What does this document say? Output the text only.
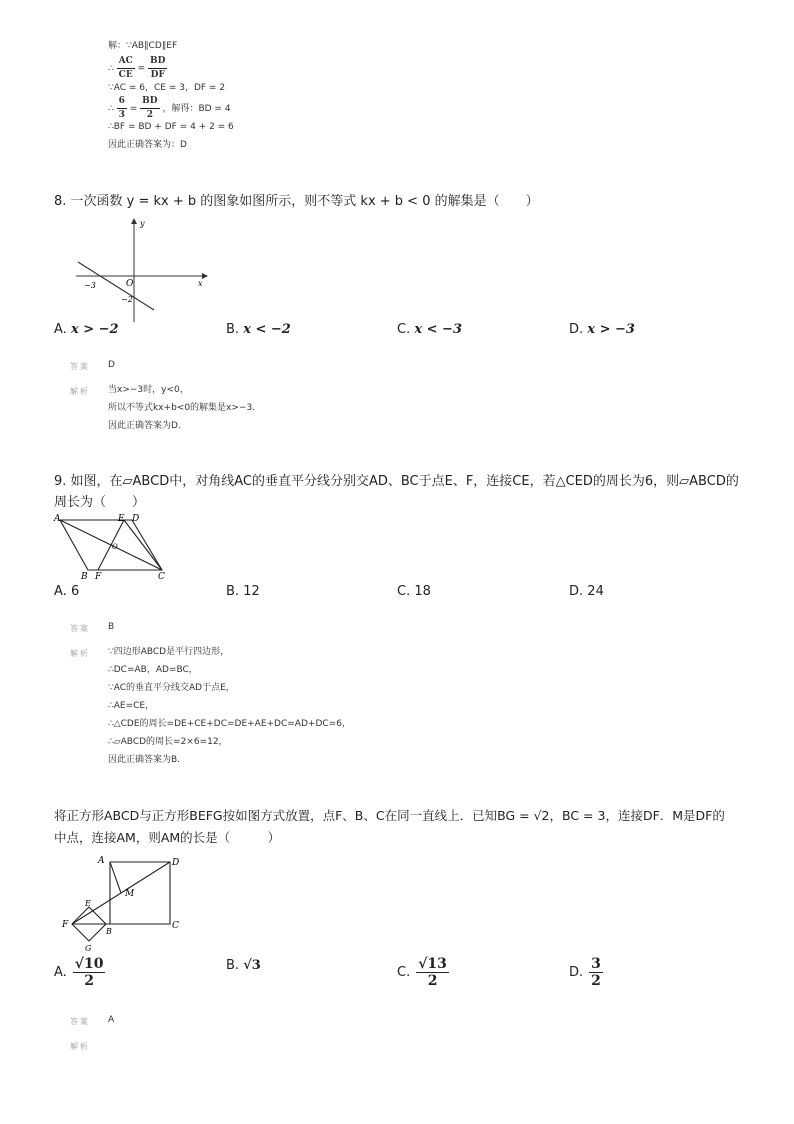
解：∵AB∥CD∥EF
∴ $\frac{AC}{CE} = \frac{BD}{DF}$
∵AC = 6，CE = 3，DF = 2
∴ $\frac{6}{3} = \frac{BD}{2}$ ，解得：BD = 4
∴BF = BD + DF = 4 + 2 = 6
因此正确答案为：D
8. 一次函数 y = kx + b 的图象如图所示，则不等式 kx + b < 0 的解集是（　　）
y
x
O
−3
−2
A. x > −2	B. x < −2	C. x < −3	D. x > −3
答案 D
解析 当x>−3时，y<0，
所以不等式kx+b<0的解集是x>−3.
因此正确答案为D.
9. 如图，在▱ABCD中，对角线AC的垂直平分线分别交AD、BC于点E、F，连接CE，若△CED的周长为6，则▱ABCD的
周长为（　　）
A	E D
B F	C
O
A. 6	B. 12	C. 18	D. 24
答案 B
解析 ∵四边形ABCD是平行四边形，
∴DC=AB，AD=BC，
∵AC的垂直平分线交AD于点E，
∴AE=CE，
∴△CDE的周长=DE+CE+DC=DE+AE+DC=AD+DC=6，
∴▱ABCD的周长=2×6=12，
因此正确答案为B.
将正方形ABCD与正方形BEFG按如图方式放置，点F、B、C在同一直线上．已知BG = √2，BC = 3，连接DF．M是DF的
中点，连接AM，则AM的长是（　　　）
A	D
M
E
F
B
C
G
A. $\frac{√10}{2}$	B. √3	C. $\frac{√13}{2}$	D. $\frac{3}{2}$
答案 A
解析
